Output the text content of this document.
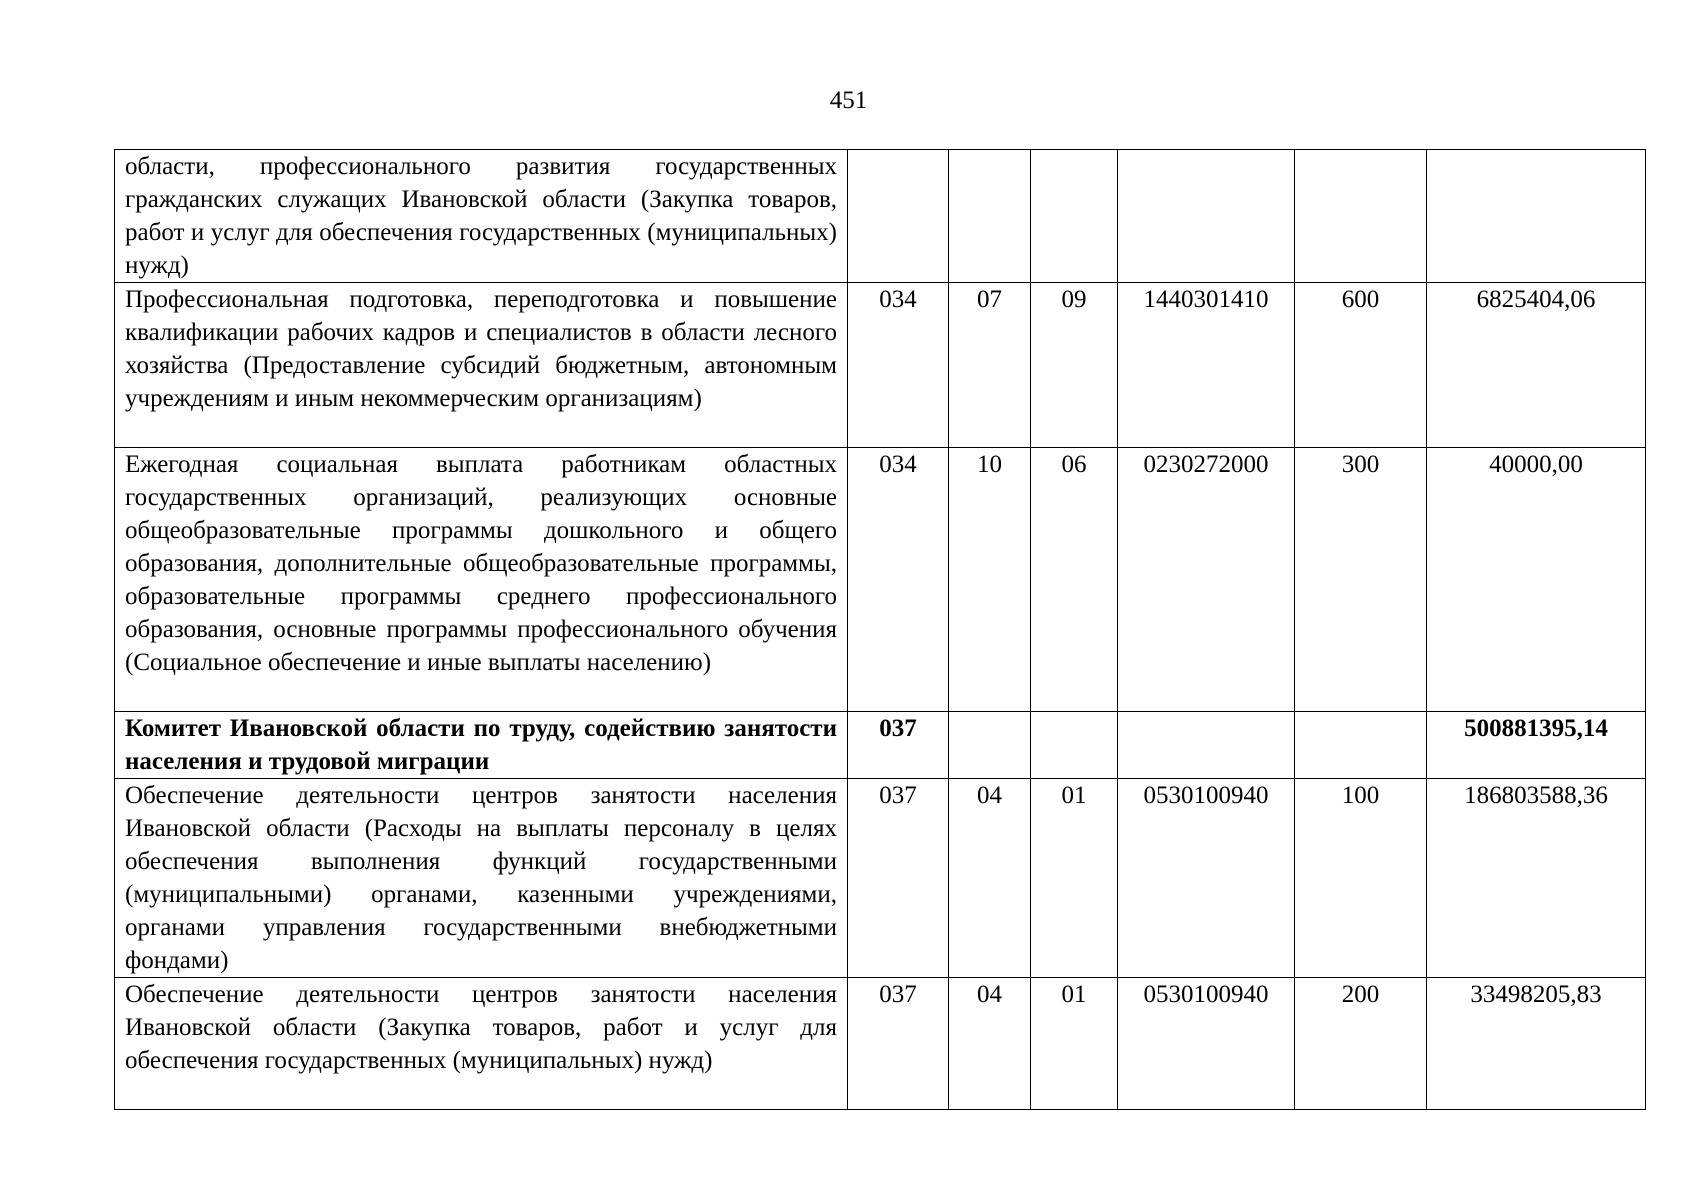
451
области, профессионального развития государственных гражданских служащих Ивановской области (Закупка товаров, работ и услуг для обеспечения государственных (муниципальных) нужд)						
Профессиональная подготовка, переподготовка и повышение квалификации рабочих кадров и специалистов в области лесного хозяйства (Предоставление субсидий бюджетным, автономным учреждениям и иным некоммерческим организациям)	034	07	09	1440301410	600	6825404,06
Ежегодная социальная выплата работникам областных государственных организаций, реализующих основные общеобразовательные программы дошкольного и общего образования, дополнительные общеобразовательные программы, образовательные программы среднего профессионального образования, основные программы профессионального обучения (Социальное обеспечение и иные выплаты населению)	034	10	06	0230272000	300	40000,00
Комитет Ивановской области по труду, содействию занятости населения и трудовой миграции	037					500881395,14
Обеспечение деятельности центров занятости населения Ивановской области (Расходы на выплаты персоналу в целях обеспечения выполнения функций государственными (муниципальными) органами, казенными учреждениями, органами управления государственными внебюджетными фондами)	037	04	01	0530100940	100	186803588,36
Обеспечение деятельности центров занятости населения Ивановской области (Закупка товаров, работ и услуг для обеспечения государственных (муниципальных) нужд)	037	04	01	0530100940	200	33498205,83
